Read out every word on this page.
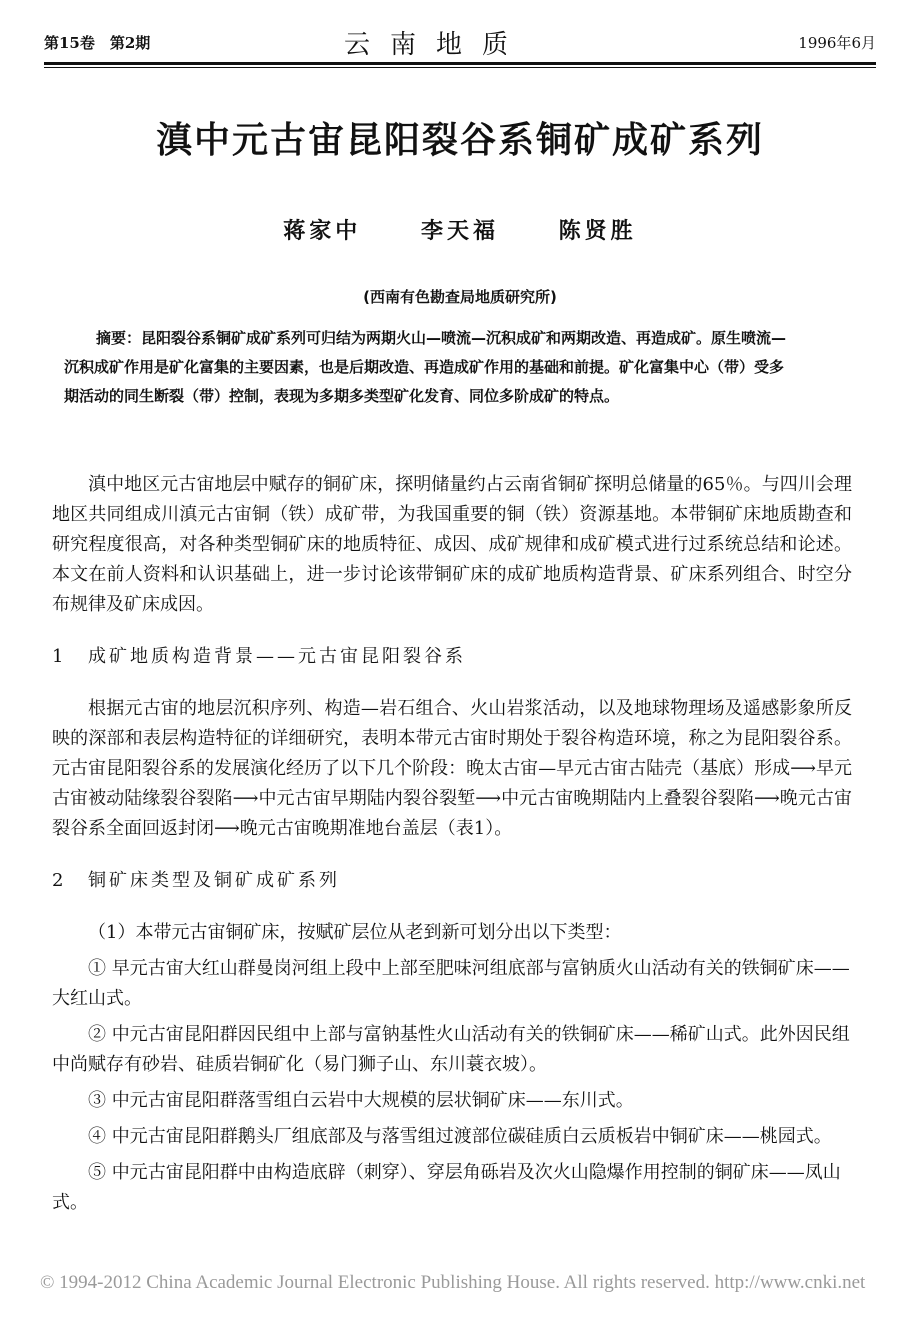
第15卷　第2期	云南地质	1996年6月
滇中元古宙昆阳裂谷系铜矿成矿系列
蒋家中	李天福	陈贤胜
(西南有色勘查局地质研究所)
摘要：昆阳裂谷系铜矿成矿系列可归结为两期火山—喷流—沉积成矿和两期改造、再造成矿。原生喷流—沉积成矿作用是矿化富集的主要因素，也是后期改造、再造成矿作用的基础和前提。矿化富集中心（带）受多期活动的同生断裂（带）控制，表现为多期多类型矿化发育、同位多阶成矿的特点。

滇中地区元古宙地层中赋存的铜矿床，探明储量约占云南省铜矿探明总储量的65％。与四川会理地区共同组成川滇元古宙铜（铁）成矿带，为我国重要的铜（铁）资源基地。本带铜矿床地质勘查和研究程度很高，对各种类型铜矿床的地质特征、成因、成矿规律和成矿模式进行过系统总结和论述。本文在前人资料和认识基础上，进一步讨论该带铜矿床的成矿地质构造背景、矿床系列组合、时空分布规律及矿床成因。

1 成矿地质构造背景——元古宙昆阳裂谷系

根据元古宙的地层沉积序列、构造—岩石组合、火山岩浆活动，以及地球物理场及遥感影象所反映的深部和表层构造特征的详细研究，表明本带元古宙时期处于裂谷构造环境，称之为昆阳裂谷系。元古宙昆阳裂谷系的发展演化经历了以下几个阶段：晚太古宙—早元古宙古陆壳（基底）形成⟶早元古宙被动陆缘裂谷裂陷⟶中元古宙早期陆内裂谷裂堑⟶中元古宙晚期陆内上叠裂谷裂陷⟶晚元古宙裂谷系全面回返封闭⟶晚元古宙晚期准地台盖层（表1）。

2 铜矿床类型及铜矿成矿系列

（1）本带元古宙铜矿床，按赋矿层位从老到新可划分出以下类型：

① 早元古宙大红山群曼岗河组上段中上部至肥味河组底部与富钠质火山活动有关的铁铜矿床——大红山式。

② 中元古宙昆阳群因民组中上部与富钠基性火山活动有关的铁铜矿床——稀矿山式。此外因民组中尚赋存有砂岩、硅质岩铜矿化（易门狮子山、东川蓑衣坡）。

③ 中元古宙昆阳群落雪组白云岩中大规模的层状铜矿床——东川式。

④ 中元古宙昆阳群鹅头厂组底部及与落雪组过渡部位碳硅质白云质板岩中铜矿床——桃园式。

⑤ 中元古宙昆阳群中由构造底辟（刺穿）、穿层角砾岩及次火山隐爆作用控制的铜矿床——凤山式。

© 1994-2012 China Academic Journal Electronic Publishing House. All rights reserved. http://www.cnki.net
